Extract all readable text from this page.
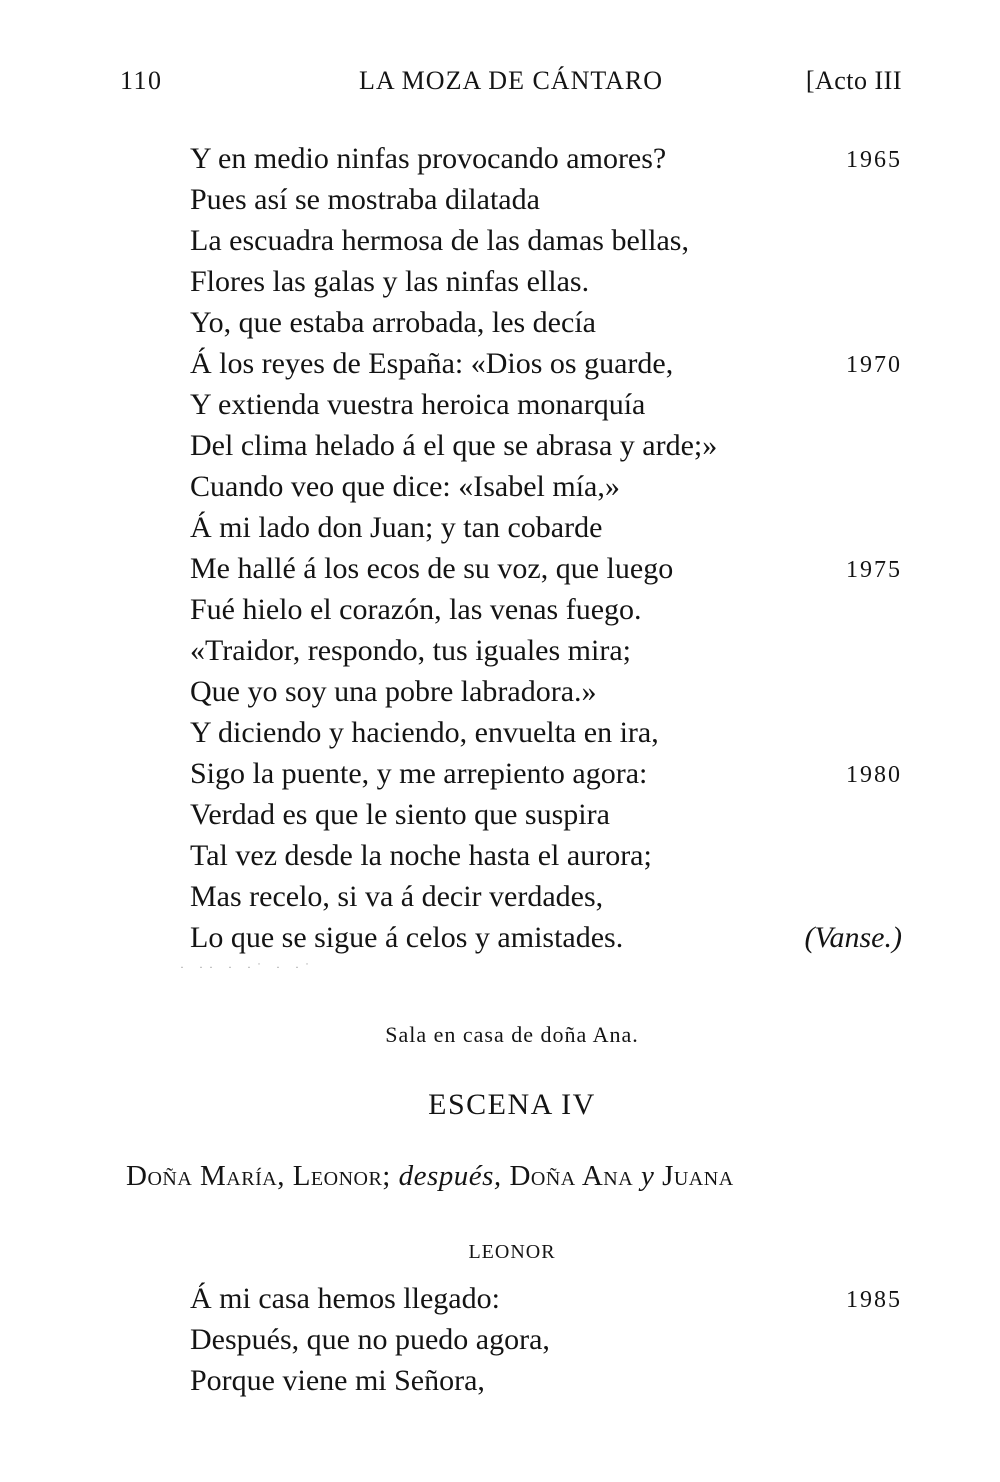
110	LA MOZA DE CÁNTARO	[Acto III
Y en medio ninfas provocando amores?	1965
Pues así se mostraba dilatada
La escuadra hermosa de las damas bellas,
Flores las galas y las ninfas ellas.
Yo, que estaba arrobada, les decía
Á los reyes de España: «Dios os guarde,	1970
Y extienda vuestra heroica monarquía
Del clima helado á el que se abrasa y arde;»
Cuando veo que dice: «Isabel mía,»
Á mi lado don Juan; y tan cobarde
Me hallé á los ecos de su voz, que luego	1975
Fué hielo el corazón, las venas fuego.
«Traidor, respondo, tus iguales mira;
Que yo soy una pobre labradora.»
Y diciendo y haciendo, envuelta en ira,
Sigo la puente, y me arrepiento agora:	1980
Verdad es que le siento que suspira
Tal vez desde la noche hasta el aurora;
Mas recelo, si va á decir verdades,
Lo que se sigue á celos y amistades.	(Vanse.)
· ·· · ·˙ · ·˙
Sala en casa de doña Ana.
ESCENA IV
Doña María, Leonor; después, Doña Ana y Juana
LEONOR
Á mi casa hemos llegado:	1985
Después, que no puedo agora,
Porque viene mi Señora,
